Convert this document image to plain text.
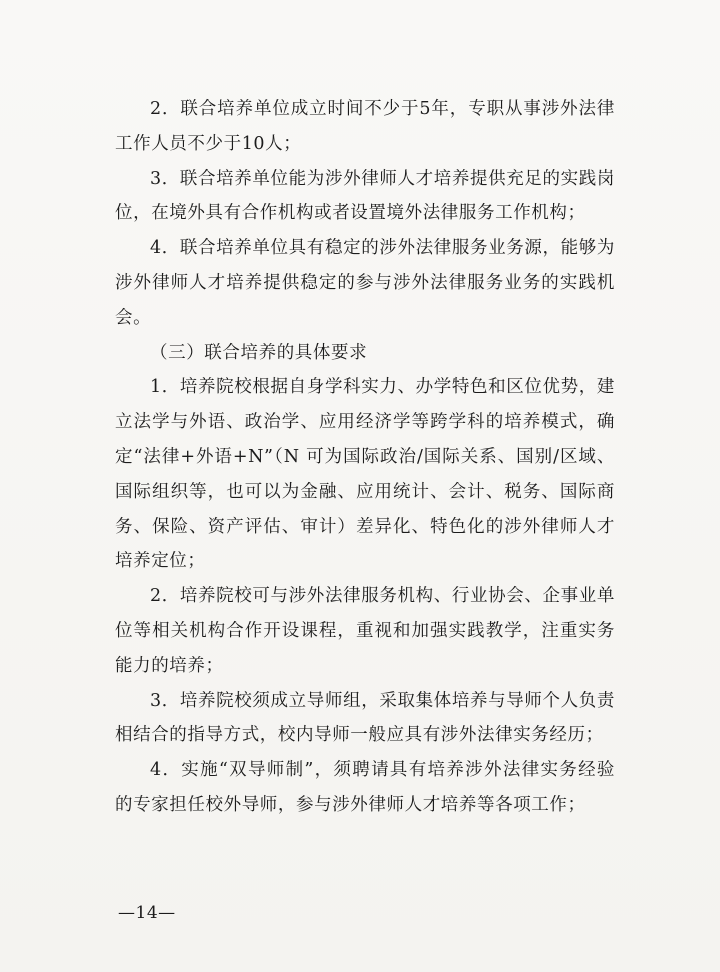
2．联合培养单位成立时间不少于5年，专职从事涉外法律工作人员不少于10人；

3．联合培养单位能为涉外律师人才培养提供充足的实践岗位，在境外具有合作机构或者设置境外法律服务工作机构；

4．联合培养单位具有稳定的涉外法律服务业务源，能够为涉外律师人才培养提供稳定的参与涉外法律服务业务的实践机会。

（三）联合培养的具体要求

1．培养院校根据自身学科实力、办学特色和区位优势，建立法学与外语、政治学、应用经济学等跨学科的培养模式，确定“法律+外语+N”（N 可为国际政治/国际关系、国别/区域、国际组织等，也可以为金融、应用统计、会计、税务、国际商务、保险、资产评估、审计）差异化、特色化的涉外律师人才培养定位；

2．培养院校可与涉外法律服务机构、行业协会、企事业单位等相关机构合作开设课程，重视和加强实践教学，注重实务能力的培养；

3．培养院校须成立导师组，采取集体培养与导师个人负责相结合的指导方式，校内导师一般应具有涉外法律实务经历；

4．实施“双导师制”，须聘请具有培养涉外法律实务经验的专家担任校外导师，参与涉外律师人才培养等各项工作；

—14—
